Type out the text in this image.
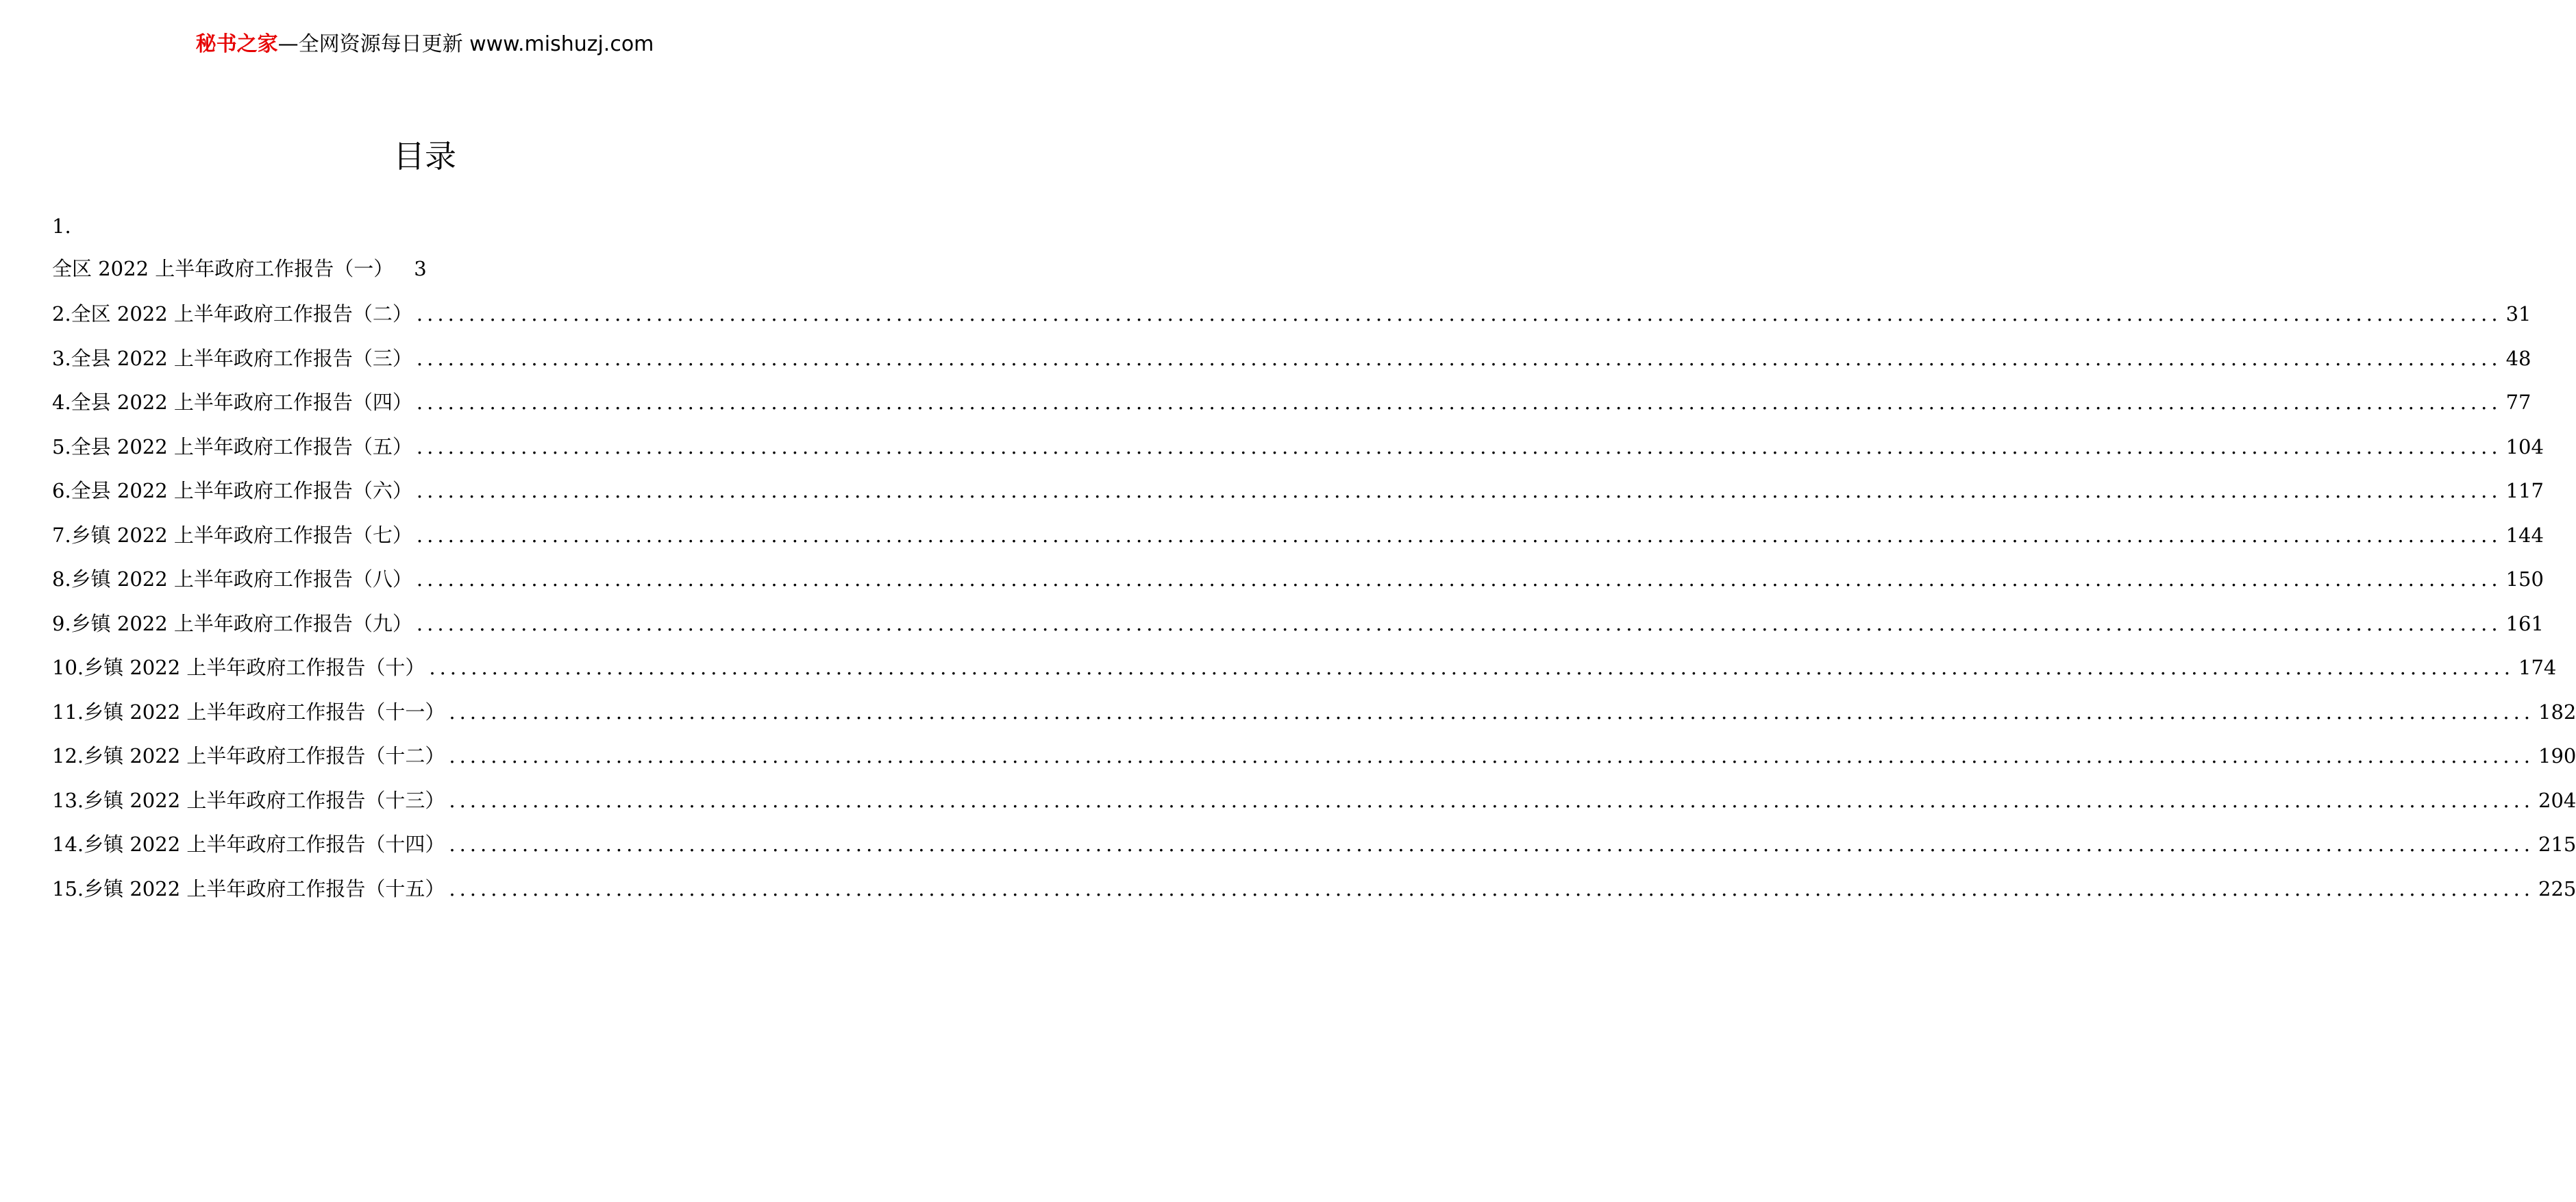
秘书之家—全网资源每日更新 www.mishuzj.com
目录
1.
全区 2022 上半年政府工作报告（一） 3
2.全区 2022 上半年政府工作报告（二） ........................................................................................................................................................................................................ 31
3.全县 2022 上半年政府工作报告（三） ........................................................................................................................................................................................................ 48
4.全县 2022 上半年政府工作报告（四） ........................................................................................................................................................................................................ 77
5.全县 2022 上半年政府工作报告（五） ........................................................................................................................................................................................................ 104
6.全县 2022 上半年政府工作报告（六） ........................................................................................................................................................................................................ 117
7.乡镇 2022 上半年政府工作报告（七） ........................................................................................................................................................................................................ 144
8.乡镇 2022 上半年政府工作报告（八） ........................................................................................................................................................................................................ 150
9.乡镇 2022 上半年政府工作报告（九） ........................................................................................................................................................................................................ 161
10.乡镇 2022 上半年政府工作报告（十） ........................................................................................................................................................................................................ 174
11.乡镇 2022 上半年政府工作报告（十一） ........................................................................................................................................................................................................ 182
12.乡镇 2022 上半年政府工作报告（十二） ........................................................................................................................................................................................................ 190
13.乡镇 2022 上半年政府工作报告（十三） ........................................................................................................................................................................................................ 204
14.乡镇 2022 上半年政府工作报告（十四） ........................................................................................................................................................................................................ 215
15.乡镇 2022 上半年政府工作报告（十五） ........................................................................................................................................................................................................ 225
